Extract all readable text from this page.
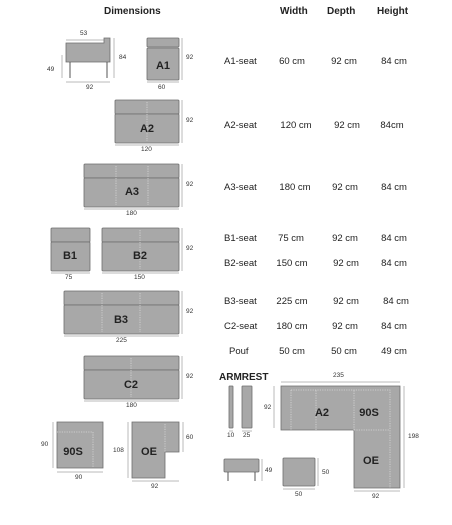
Dimensions	Width Depth Height
A1-seat	60 cm	92 cm	84 cm
A2-seat	120 cm	92 cm	84cm
A3-seat	180 cm	92 cm	84 cm
B1-seat	75 cm	92 cm	84 cm
B2-seat	150 cm	92 cm	84 cm
B3-seat	225 cm	92 cm	84 cm
C2-seat	180 cm	92 cm	84 cm
Pouf	50 cm	50 cm	49 cm
ARMREST
A1
A2
A3
B1	B2
B3
C2
90S	OE
A2	90S
OE
53
49
84
92
92
60
92
120
92
180
75
92
150
92
225
92
180
90
90
108
60
92
92
10 25
235
198
92
49	50
50
